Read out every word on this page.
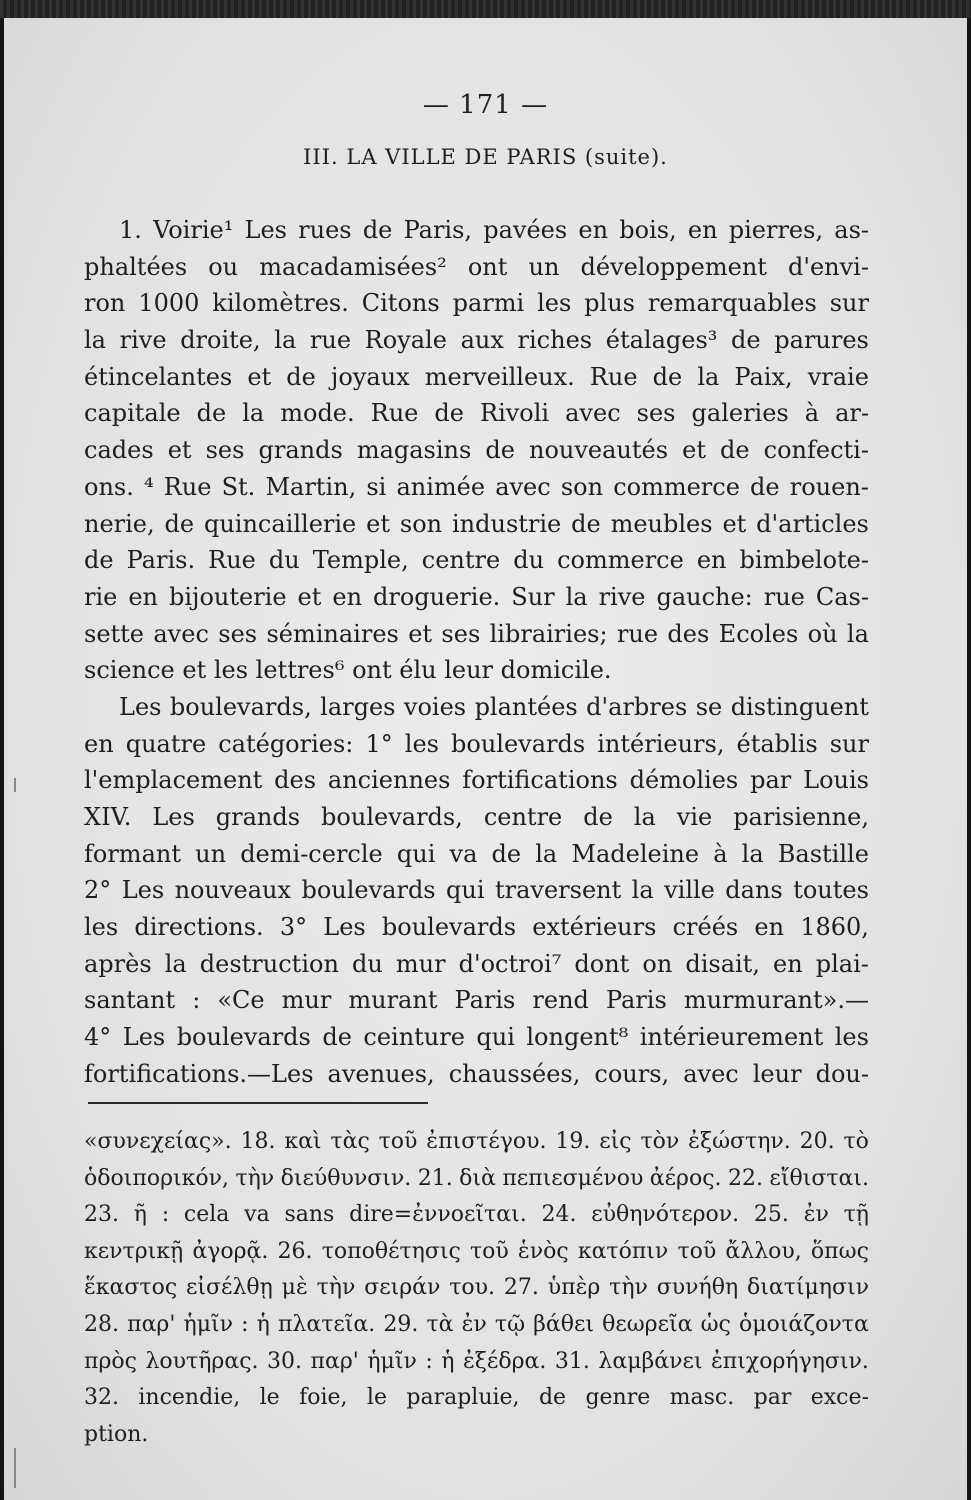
— 171 —
III. LA VILLE DE PARIS (suite).
1. Voirie¹ Les rues de Paris, pavées en bois, en pierres, as-
phaltées ou macadamisées² ont un développement d'envi-
ron 1000 kilomètres. Citons parmi les plus remarquables sur
la rive droite, la rue Royale aux riches étalages³ de parures
étincelantes et de joyaux merveilleux. Rue de la Paix, vraie
capitale de la mode. Rue de Rivoli avec ses galeries à ar-
cades et ses grands magasins de nouveautés et de confecti-
ons. ⁴ Rue St. Martin, si animée avec son commerce de rouen-
nerie, de quincaillerie et son industrie de meubles et d'articles
de Paris. Rue du Temple, centre du commerce en bimbelote-
rie en bijouterie et en droguerie. Sur la rive gauche: rue Cas-
sette avec ses séminaires et ses librairies; rue des Ecoles où la
science et les lettres⁶ ont élu leur domicile.
Les boulevards, larges voies plantées d'arbres se distinguent
en quatre catégories: 1° les boulevards intérieurs, établis sur
l'emplacement des anciennes fortifications démolies par Louis
XIV. Les grands boulevards, centre de la vie parisienne,
formant un demi-cercle qui va de la Madeleine à la Bastille
2° Les nouveaux boulevards qui traversent la ville dans toutes
les directions. 3° Les boulevards extérieurs créés en 1860,
après la destruction du mur d'octroi⁷ dont on disait, en plai-
santant : «Ce mur murant Paris rend Paris murmurant».—
4° Les boulevards de ceinture qui longent⁸ intérieurement les
fortifications.—Les avenues, chaussées, cours, avec leur dou-
«συνεχείας». 18. καὶ τὰς τοῦ ἐπιστέγου. 19. εἰς τὸν ἐξώστην. 20. τὸ
ὁδοιπορικόν, τὴν διεύθυνσιν. 21. διὰ πεπιεσμένου ἀέρος. 22. εἴθισται.
23. ῆ : cela va sans dire=ἐννοεῖται. 24. εὐθηνότερον. 25. ἐν τῇ
κεντρικῇ ἀγορᾷ. 26. τοποθέτησις τοῦ ἑνὸς κατόπιν τοῦ ἄλλου, ὅπως
ἕκαστος εἰσέλθῃ μὲ τὴν σειράν του. 27. ὑπὲρ τὴν συνήθη διατίμησιν
28. παρ' ἡμῖν : ἡ πλατεῖα. 29. τὰ ἐν τῷ βάθει θεωρεῖα ὡς ὁμοιάζοντα
πρὸς λουτῆρας. 30. παρ' ἡμῖν : ἡ ἐξέδρα. 31. λαμβάνει ἐπιχορήγησιν.
32. incendie, le foie, le parapluie, de genre masc. par exce-
ption.
